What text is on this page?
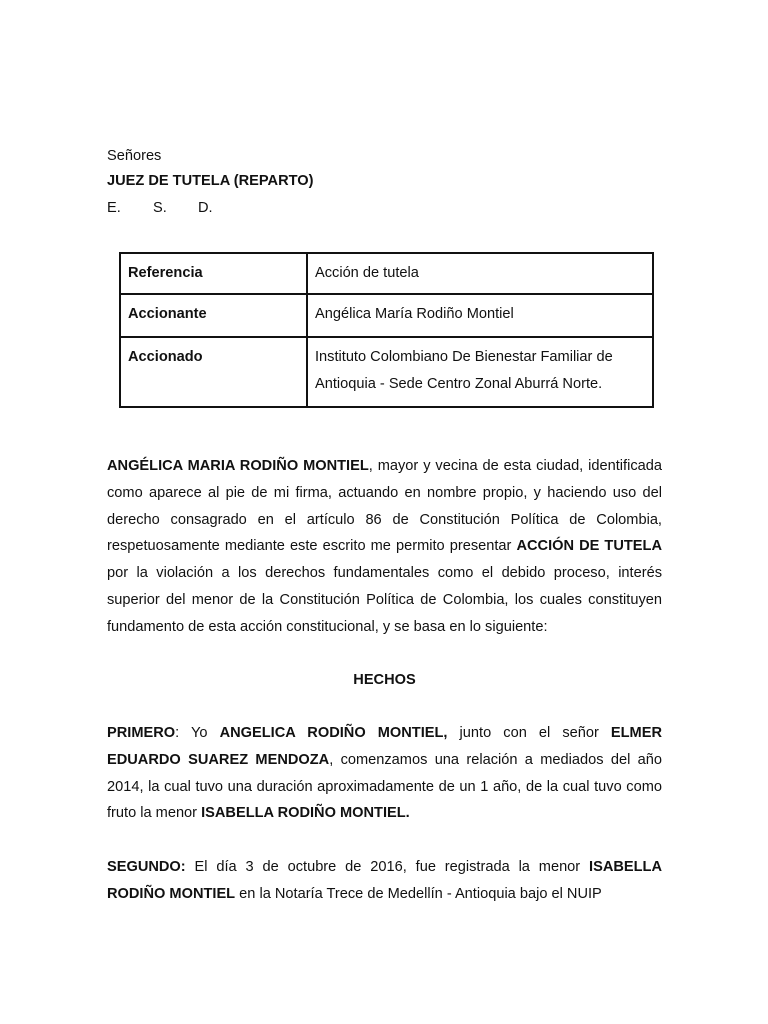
Señores
JUEZ DE TUTELA (REPARTO)
E. S. D.
Referencia	Acción de tutela
Accionante	Angélica María Rodiño Montiel
Accionado	Instituto Colombiano De Bienestar Familiar de
Antioquia - Sede Centro Zonal Aburrá Norte.
ANGÉLICA MARIA RODIÑO MONTIEL, mayor y vecina de esta ciudad, identificada
como aparece al pie de mi firma, actuando en nombre propio, y haciendo uso del
derecho consagrado en el artículo 86 de Constitución Política de Colombia,
respetuosamente mediante este escrito me permito presentar ACCIÓN DE TUTELA
por la violación a los derechos fundamentales como el debido proceso, interés
superior del menor de la Constitución Política de Colombia, los cuales constituyen
fundamento de esta acción constitucional, y se basa en lo siguiente:
HECHOS
PRIMERO: Yo ANGELICA RODIÑO MONTIEL, junto con el señor ELMER
EDUARDO SUAREZ MENDOZA, comenzamos una relación a mediados del año
2014, la cual tuvo una duración aproximadamente de un 1 año, de la cual tuvo como
fruto la menor ISABELLA RODIÑO MONTIEL.
SEGUNDO: El día 3 de octubre de 2016, fue registrada la menor ISABELLA
RODIÑO MONTIEL en la Notaría Trece de Medellín - Antioquia bajo el NUIP
